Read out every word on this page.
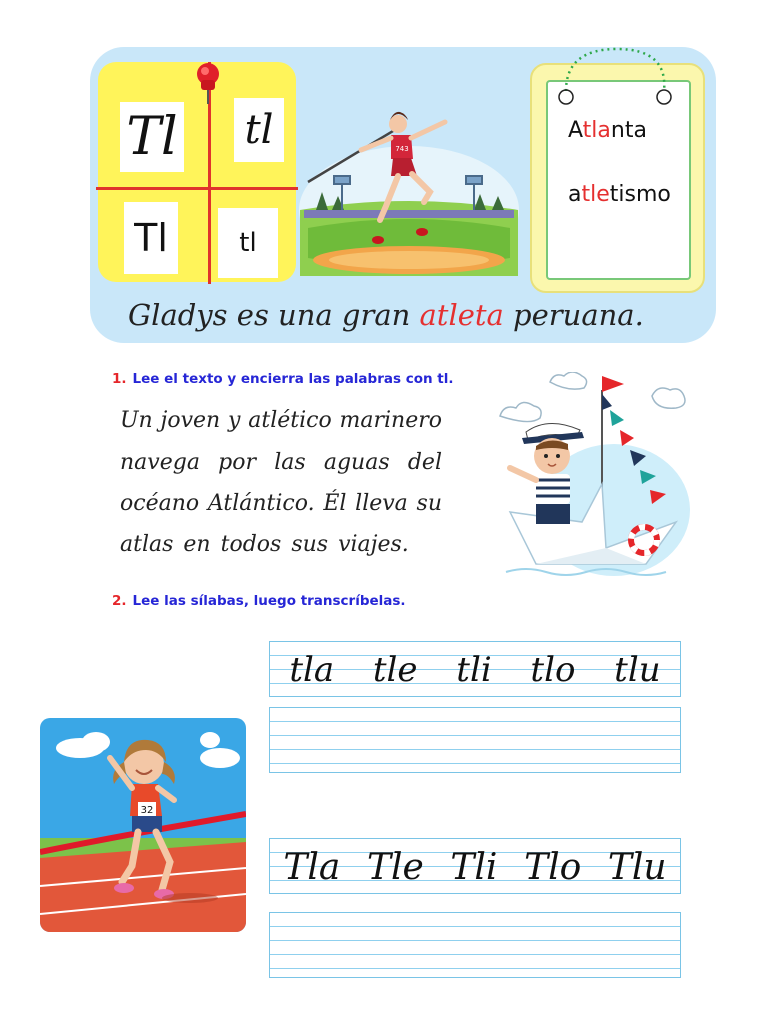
Tl tl
Tl	tl
743
Atlanta
atletismo
Gladys es una gran atleta peruana.
1. Lee el texto y encierra las palabras con tl.
Un joven y atlético marinero
navega por las aguas del
océano Atlántico. Él lleva su
atlas en todos sus viajes.
2. Lee las sílabas, luego transcríbelas.
tla tle tli tlo tlu
32
Tla Tle Tli Tlo Tlu
